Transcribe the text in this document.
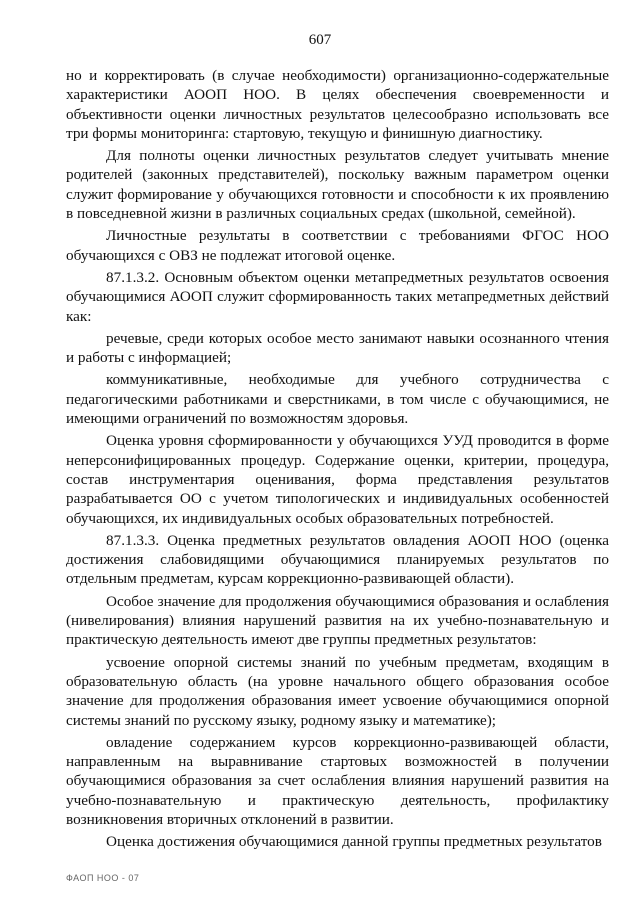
607

но и корректировать (в случае необходимости) организационно-содержательные характеристики АООП НОО. В целях обеспечения своевременности и объективности оценки личностных результатов целесообразно использовать все три формы мониторинга: стартовую, текущую и финишную диагностику.

Для полноты оценки личностных результатов следует учитывать мнение родителей (законных представителей), поскольку важным параметром оценки служит формирование у обучающихся готовности и способности к их проявлению в повседневной жизни в различных социальных средах (школьной, семейной).

Личностные результаты в соответствии с требованиями ФГОС НОО обучающихся с ОВЗ не подлежат итоговой оценке.

87.1.3.2. Основным объектом оценки метапредметных результатов освоения обучающимися АООП служит сформированность таких метапредметных действий как:

речевые, среди которых особое место занимают навыки осознанного чтения и работы с информацией;

коммуникативные, необходимые для учебного сотрудничества с педагогическими работниками и сверстниками, в том числе с обучающимися, не имеющими ограничений по возможностям здоровья.

Оценка уровня сформированности у обучающихся УУД проводится в форме неперсонифицированных процедур. Содержание оценки, критерии, процедура, состав инструментария оценивания, форма представления результатов разрабатывается ОО с учетом типологических и индивидуальных особенностей обучающихся, их индивидуальных особых образовательных потребностей.

87.1.3.3. Оценка предметных результатов овладения АООП НОО (оценка достижения слабовидящими обучающимися планируемых результатов по отдельным предметам, курсам коррекционно-развивающей области).

Особое значение для продолжения обучающимися образования и ослабления (нивелирования) влияния нарушений развития на их учебно-познавательную и практическую деятельность имеют две группы предметных результатов:

усвоение опорной системы знаний по учебным предметам, входящим в образовательную область (на уровне начального общего образования особое значение для продолжения образования имеет усвоение обучающимися опорной системы знаний по русскому языку, родному языку и математике);

овладение содержанием курсов коррекционно-развивающей области, направленным на выравнивание стартовых возможностей в получении обучающимися образования за счет ослабления влияния нарушений развития на учебно-познавательную и практическую деятельность, профилактику возникновения вторичных отклонений в развитии.

Оценка достижения обучающимися данной группы предметных результатов

ФАОП НОО - 07
